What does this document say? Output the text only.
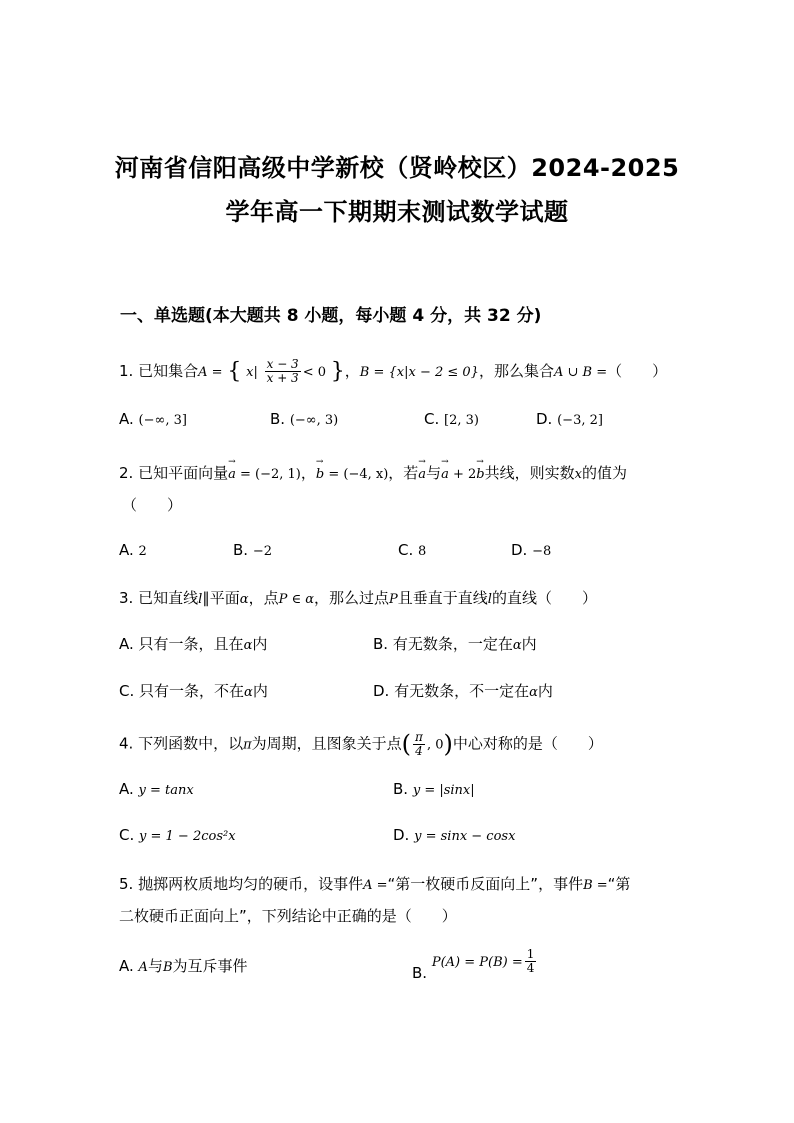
河南省信阳高级中学新校（贤岭校区）2024-2025
学年高一下期期末测试数学试题
一、单选题(本大题共 8 小题，每小题 4 分，共 32 分)
1. 已知集合A = { $x| \frac{x - 3}{x + 3} < 0$ }，B = {x|x − 2 ≤ 0}，那么集合A ∪ B =（　　）
A. (−∞, 3]	B. (−∞, 3)	C. [2, 3)	D. (−3, 2]
2. 已知平面向量→ a = (−2, 1)，→ b = (−4, x)，若→ a与→ a + 2→ b共线，则实数x的值为
（　　）
A. 2	B. −2	C. 8	D. −8
3. 已知直线l∥平面α，点P ∈ α，那么过点P且垂直于直线l的直线（　　）
A. 只有一条，且在α内	B. 有无数条，一定在α内
C. 只有一条，不在α内	D. 有无数条，不一定在α内
4. 下列函数中，以π为周期，且图象关于点( $\frac{\pi}{4}$ , 0)中心对称的是（　　）
A. y = tanx	B. y = |sinx|
C. y = 1 − 2cos²x	D. y = sinx − cosx
5. 抛掷两枚质地均匀的硬币，设事件A =“第一枚硬币反面向上”，事件B =“第
二枚硬币正面向上”，下列结论中正确的是（　　）
A. A与B为互斥事件	B. $P(A) = P(B) = \frac{1}{4}$
